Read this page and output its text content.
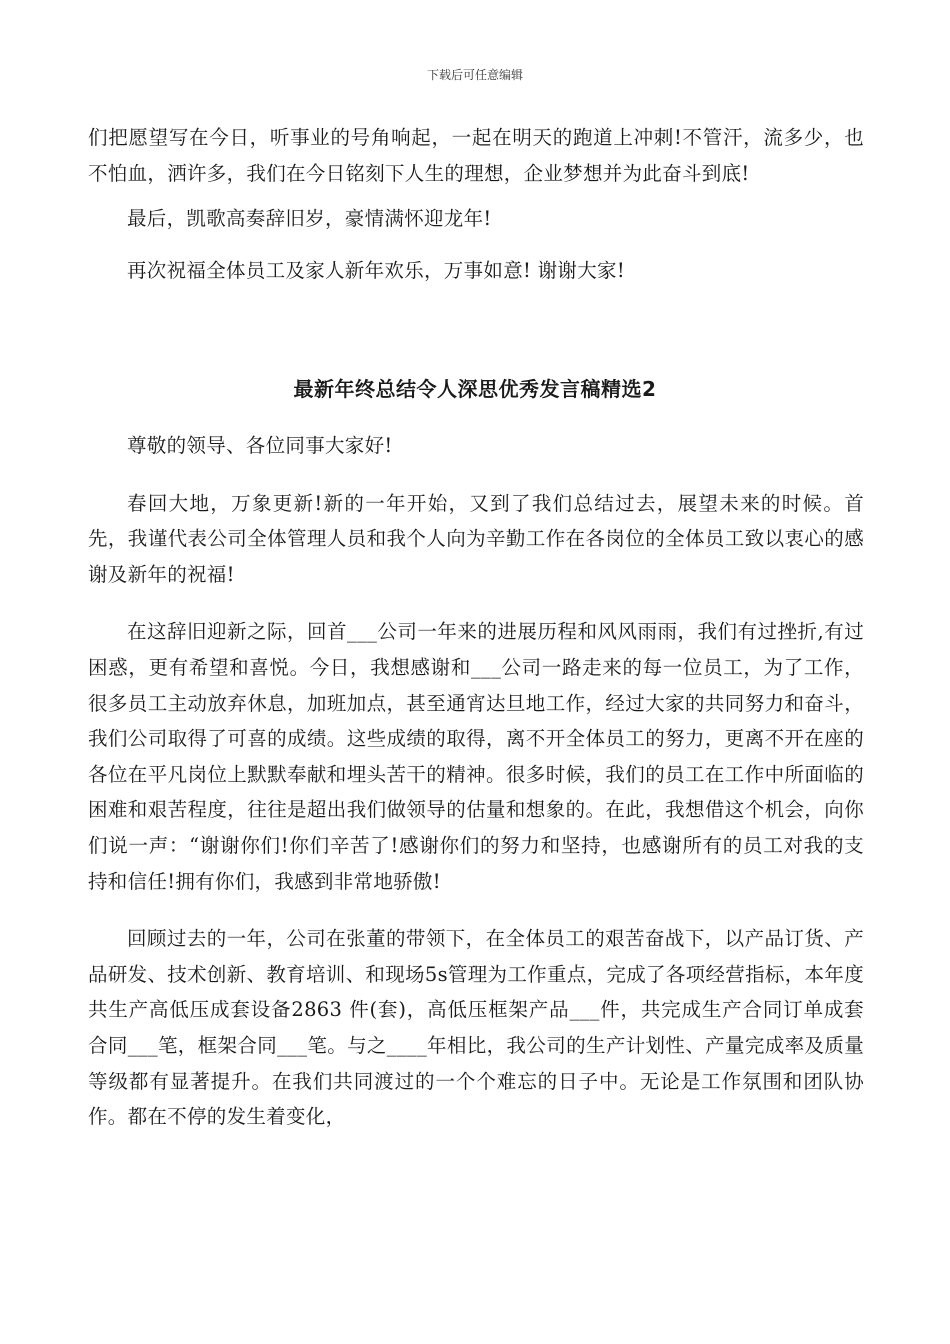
下载后可任意编辑

们把愿望写在今日，听事业的号角响起，一起在明天的跑道上冲刺!不管汗，流多少，也不怕血，洒许多，我们在今日铭刻下人生的理想，企业梦想并为此奋斗到底!

最后，凯歌高奏辞旧岁，豪情满怀迎龙年!

再次祝福全体员工及家人新年欢乐，万事如意! 谢谢大家!

最新年终总结令人深思优秀发言稿精选2

尊敬的领导、各位同事大家好!

春回大地，万象更新!新的一年开始，又到了我们总结过去，展望未来的时候。首先，我谨代表公司全体管理人员和我个人向为辛勤工作在各岗位的全体员工致以衷心的感谢及新年的祝福!

在这辞旧迎新之际，回首___公司一年来的进展历程和风风雨雨，我们有过挫折,有过困惑，更有希望和喜悦。今日，我想感谢和___公司一路走来的每一位员工，为了工作，很多员工主动放弃休息，加班加点，甚至通宵达旦地工作，经过大家的共同努力和奋斗，我们公司取得了可喜的成绩。这些成绩的取得，离不开全体员工的努力，更离不开在座的各位在平凡岗位上默默奉献和埋头苦干的精神。很多时候，我们的员工在工作中所面临的困难和艰苦程度，往往是超出我们做领导的估量和想象的。在此，我想借这个机会，向你们说一声：“谢谢你们!你们辛苦了!感谢你们的努力和坚持，也感谢所有的员工对我的支持和信任!拥有你们，我感到非常地骄傲!

回顾过去的一年，公司在张董的带领下，在全体员工的艰苦奋战下，以产品订货、产品研发、技术创新、教育培训、和现场5s管理为工作重点，完成了各项经营指标，本年度共生产高低压成套设备2863 件(套)，高低压框架产品___件，共完成生产合同订单成套合同___笔，框架合同___笔。与之____年相比，我公司的生产计划性、产量完成率及质量等级都有显著提升。在我们共同渡过的一个个难忘的日子中。无论是工作氛围和团队协作。都在不停的发生着变化，
